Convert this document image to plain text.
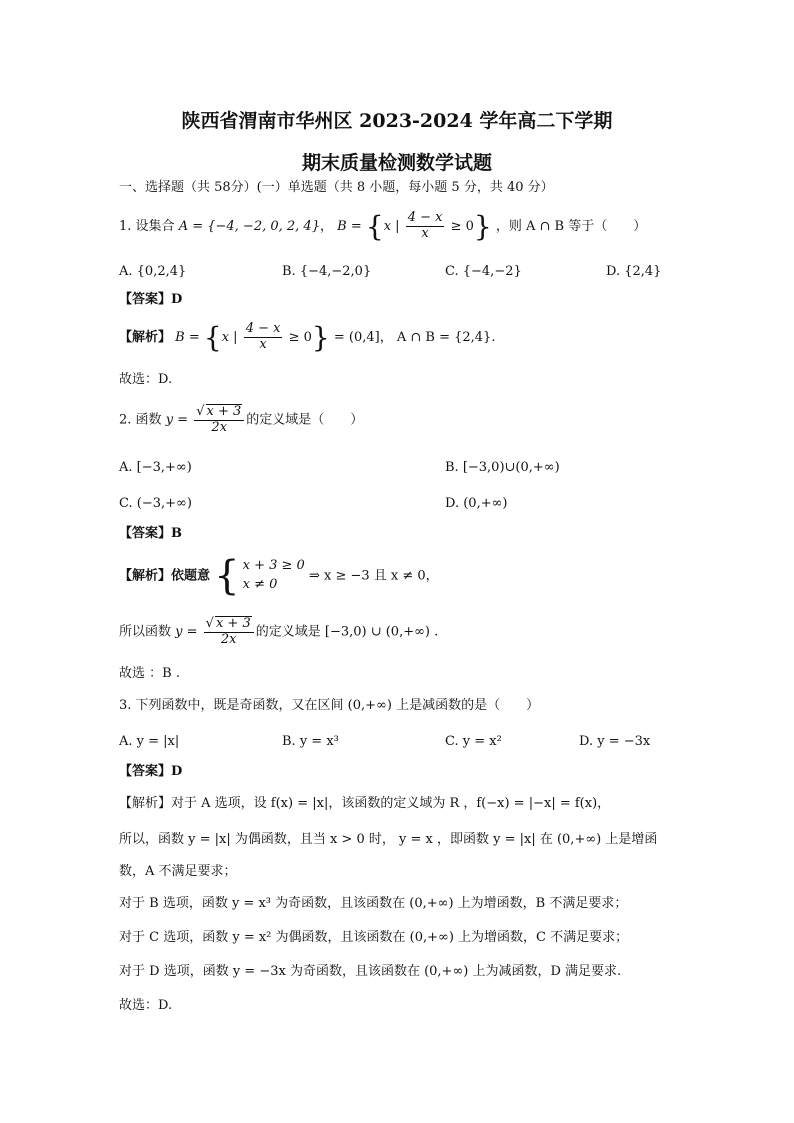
陕西省渭南市华州区 2023-2024 学年高二下学期
期末质量检测数学试题
一、选择题（共 58分）(一）单选题（共 8 小题，每小题 5 分，共 40 分）
1. 设集合 A = {−4, −2, 0, 2, 4}， B = {x | $\frac{4 - x}{x} \ge 0$} ，则 A ∩ B 等于（　　）
A. {0,2,4}	B. {−4,−2,0}	C. {−4,−2}	D. {2,4}
【答案】D
【解析】 B = {x | $\frac{4 - x}{x} \ge 0\} = (0,4]$， A ∩ B = {2,4}.
故选：D.
2. 函数 $y = \frac{√ x + 3}{2x}$ 的定义域是（　　）
A. [−3,+∞)	B. [−3,0)∪(0,+∞)
C. (−3,+∞)	D. (0,+∞)
【答案】B
【解析】依题意 { x + 3 ≥ 0
x ≠ 0
⇒ x ≥ −3 且 x ≠ 0，
所以函数 $y = \frac{√ x + 3}{2x}$ 的定义域是 [−3,0) ∪ (0,+∞) .
故选 ：B .
3. 下列函数中，既是奇函数，又在区间 (0,+∞) 上是减函数的是（　　）
A. y = |x|	B. y = x³	C. y = x²	D. y = −3x
【答案】D
【解析】对于 A 选项，设 f(x) = |x|，该函数的定义域为 R ，f(−x) = |−x| = f(x)，
所以，函数 y = |x| 为偶函数，且当 x > 0 时， y = x ，即函数 y = |x| 在 (0,+∞) 上是增函
数，A 不满足要求；
对于 B 选项，函数 y = x³ 为奇函数，且该函数在 (0,+∞) 上为增函数，B 不满足要求；
对于 C 选项，函数 y = x² 为偶函数，且该函数在 (0,+∞) 上为增函数，C 不满足要求；
对于 D 选项，函数 y = −3x 为奇函数，且该函数在 (0,+∞) 上为减函数，D 满足要求.
故选：D.
